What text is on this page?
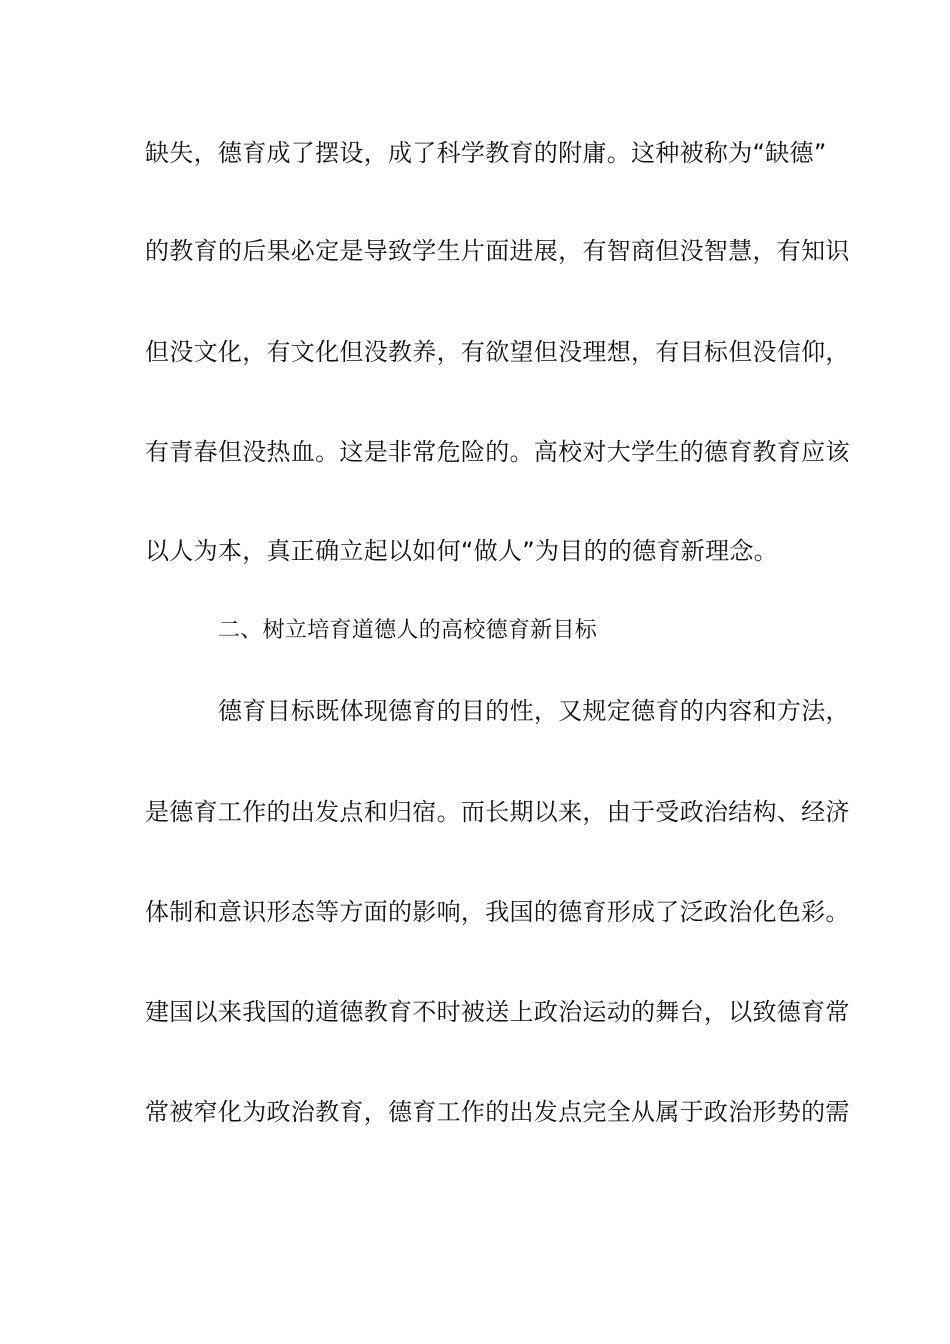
缺失，德育成了摆设，成了科学教育的附庸。这种被称为“缺德”
的教育的后果必定是导致学生片面进展，有智商但没智慧，有知识
但没文化，有文化但没教养，有欲望但没理想，有目标但没信仰，
有青春但没热血。这是非常危险的。高校对大学生的德育教育应该
以人为本，真正确立起以如何“做人”为目的的德育新理念。
二、树立培育道德人的高校德育新目标
德育目标既体现德育的目的性，又规定德育的内容和方法，
是德育工作的出发点和归宿。而长期以来，由于受政治结构、经济
体制和意识形态等方面的影响，我国的德育形成了泛政治化色彩。
建国以来我国的道德教育不时被送上政治运动的舞台，以致德育常
常被窄化为政治教育，德育工作的出发点完全从属于政治形势的需
